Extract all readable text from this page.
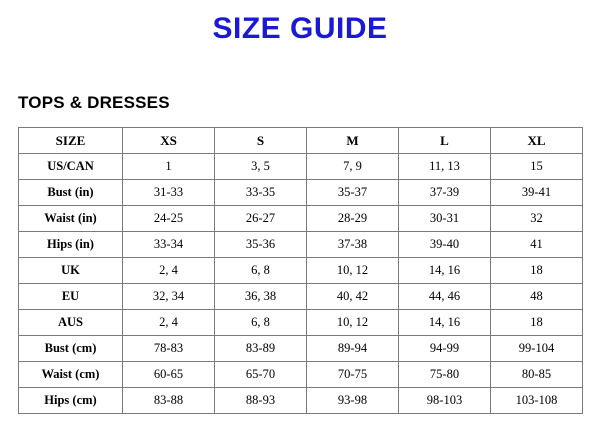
SIZE GUIDE
TOPS & DRESSES
SIZE	XS	S	M	L	XL
US/CAN	1	3, 5	7, 9	11, 13	15
Bust (in)	31-33	33-35	35-37	37-39	39-41
Waist (in)	24-25	26-27	28-29	30-31	32
Hips (in)	33-34	35-36	37-38	39-40	41
UK	2, 4	6, 8	10, 12	14, 16	18
EU	32, 34	36, 38	40, 42	44, 46	48
AUS	2, 4	6, 8	10, 12	14, 16	18
Bust (cm)	78-83	83-89	89-94	94-99	99-104
Waist (cm)	60-65	65-70	70-75	75-80	80-85
Hips (cm)	83-88	88-93	93-98	98-103	103-108
